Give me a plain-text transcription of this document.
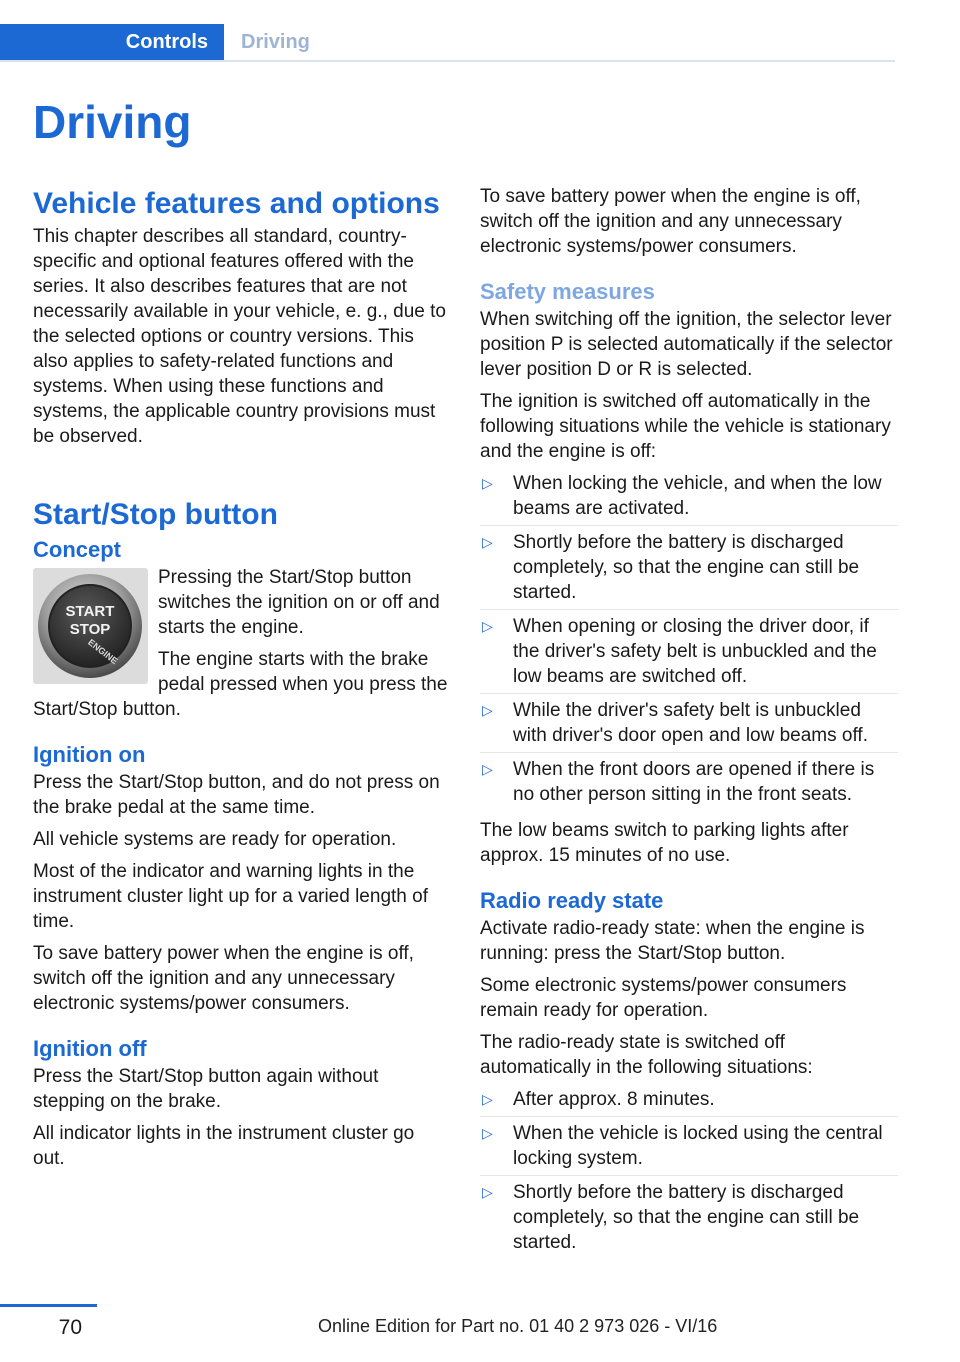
Controls	Driving
Driving
Vehicle features and options

This chapter describes all standard, country-specific and optional features offered with the series. It also describes features that are not necessarily available in your vehicle, e. g., due to the selected options or country versions. This also applies to safety-related functions and systems. When using these functions and systems, the applicable country provisions must be observed.

Start/Stop button
Concept
START
STOP
ENGINE

Pressing the Start/Stop button switches the ignition on or off and starts the engine.

The engine starts with the brake pedal pressed when you press the Start/Stop button.

Ignition on

Press the Start/Stop button, and do not press on the brake pedal at the same time.

All vehicle systems are ready for operation.

Most of the indicator and warning lights in the instrument cluster light up for a varied length of time.

To save battery power when the engine is off, switch off the ignition and any unnecessary electronic systems/power consumers.

Ignition off

Press the Start/Stop button again without stepping on the brake.

All indicator lights in the instrument cluster go out.

To save battery power when the engine is off, switch off the ignition and any unnecessary electronic systems/power consumers.

Safety measures

When switching off the ignition, the selector lever position P is selected automatically if the selector lever position D or R is selected.

The ignition is switched off automatically in the following situations while the vehicle is stationary and the engine is off:

▷ When locking the vehicle, and when the low beams are activated.
▷ Shortly before the battery is discharged completely, so that the engine can still be started.
▷ When opening or closing the driver door, if the driver's safety belt is unbuckled and the low beams are switched off.
▷ While the driver's safety belt is unbuckled with driver's door open and low beams off.
▷ When the front doors are opened if there is no other person sitting in the front seats.

The low beams switch to parking lights after approx. 15 minutes of no use.

Radio ready state

Activate radio-ready state: when the engine is running: press the Start/Stop button.

Some electronic systems/power consumers remain ready for operation.

The radio-ready state is switched off automatically in the following situations:

▷ After approx. 8 minutes.
▷ When the vehicle is locked using the central locking system.
▷ Shortly before the battery is discharged completely, so that the engine can still be started.
70	Online Edition for Part no. 01 40 2 973 026 - VI/16
